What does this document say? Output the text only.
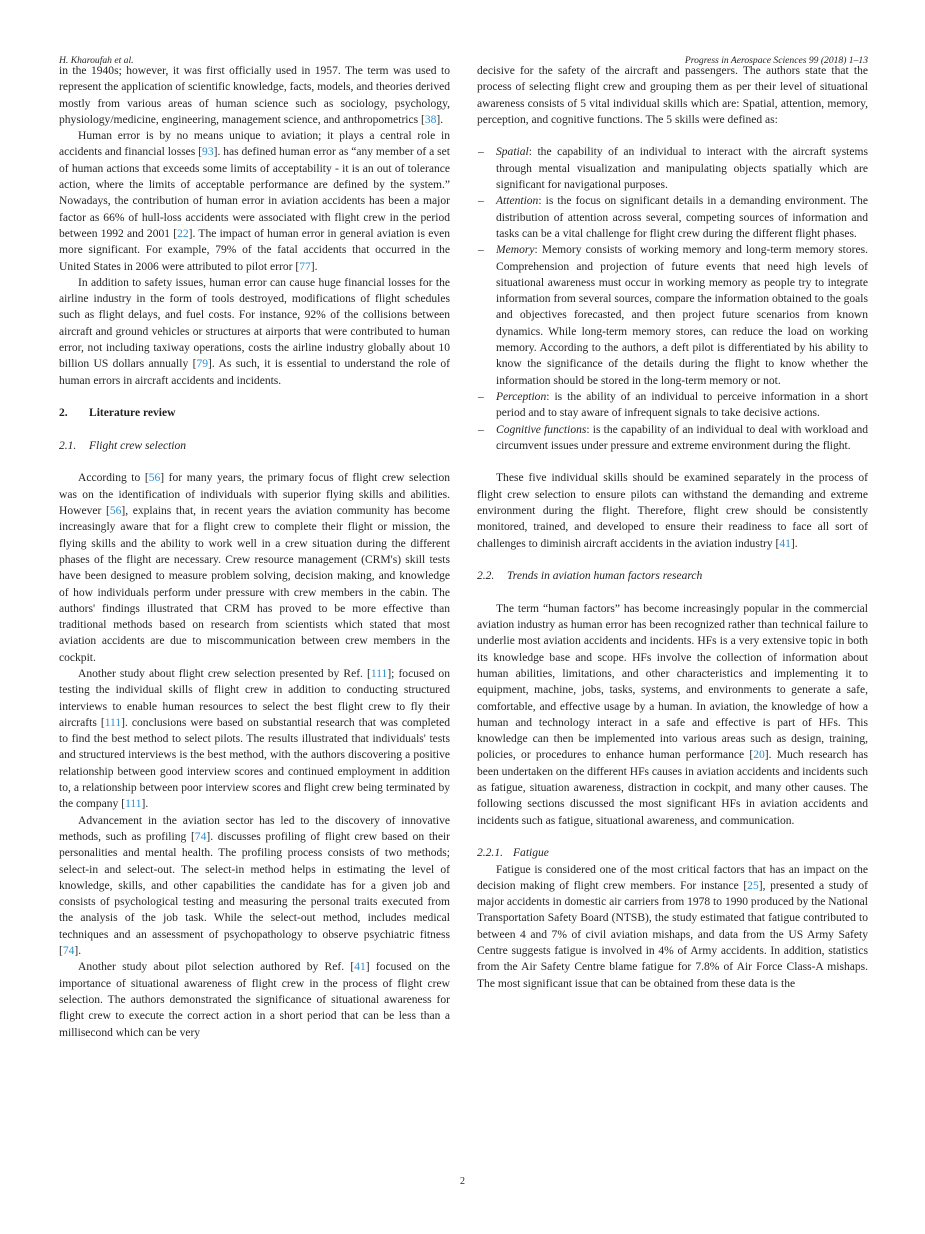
H. Kharoufah et al.	Progress in Aerospace Sciences 99 (2018) 1–13

in the 1940s; however, it was first officially used in 1957. The term was used to represent the application of scientific knowledge, facts, models, and theories derived mostly from various areas of human science such as sociology, psychology, physiology/medicine, engineering, management science, and anthropometrics [38].

Human error is by no means unique to aviation; it plays a central role in accidents and financial losses [93]. has defined human error as “any member of a set of human actions that exceeds some limits of acceptability - it is an out of tolerance action, where the limits of acceptable performance are defined by the system.” Nowadays, the contribution of human error in aviation accidents has been a major factor as 66% of hull-loss accidents were associated with flight crew in the period between 1992 and 2001 [22]. The impact of human error in general aviation is even more significant. For example, 79% of the fatal accidents that occurred in the United States in 2006 were attributed to pilot error [77].

In addition to safety issues, human error can cause huge financial losses for the airline industry in the form of tools destroyed, modifications of flight schedules such as flight delays, and fuel costs. For instance, 92% of the collisions between aircraft and ground vehicles or structures at airports that were contributed to human error, not including taxiway operations, costs the airline industry globally about 10 billion US dollars annually [79]. As such, it is essential to understand the role of human errors in aircraft accidents and incidents.

2. Literature review
2.1. Flight crew selection

According to [56] for many years, the primary focus of flight crew selection was on the identification of individuals with superior flying skills and abilities. However [56], explains that, in recent years the aviation community has become increasingly aware that for a flight crew to complete their flight or mission, the flying skills and the ability to work well in a crew situation during the different phases of the flight are necessary. Crew resource management (CRM's) skill tests have been designed to measure problem solving, decision making, and knowledge of how individuals perform under pressure with crew members in the cabin. The authors' findings illustrated that CRM has proved to be more effective than traditional methods based on research from scientists which stated that most aviation accidents are due to miscommunication between crew members in the cockpit.

Another study about flight crew selection presented by Ref. [111]; focused on testing the individual skills of flight crew in addition to conducting structured interviews to enable human resources to select the best flight crew to fly their aircrafts [111]. conclusions were based on substantial research that was completed to find the best method to select pilots. The results illustrated that individuals' tests and structured interviews is the best method, with the authors discovering a positive relationship between good interview scores and continued employment in addition to, a relationship between poor interview scores and flight crew being terminated by the company [111].

Advancement in the aviation sector has led to the discovery of innovative methods, such as profiling [74]. discusses profiling of flight crew based on their personalities and mental health. The profiling process consists of two methods; select-in and select-out. The select-in method helps in estimating the level of knowledge, skills, and other capabilities the candidate has for a given job and consists of psychological testing and measuring the personal traits executed from the analysis of the job task. While the select-out method, includes medical techniques and an assessment of psychopathology to observe psychiatric fitness [74].

Another study about pilot selection authored by Ref. [41] focused on the importance of situational awareness of flight crew in the process of flight crew selection. The authors demonstrated the significance of situational awareness for flight crew to execute the correct action in a short period that can be less than a millisecond which can be very

decisive for the safety of the aircraft and passengers. The authors state that the process of selecting flight crew and grouping them as per their level of situational awareness consists of 5 vital individual skills which are: Spatial, attention, memory, perception, and cognitive functions. The 5 skills were defined as:

– Spatial: the capability of an individual to interact with the aircraft systems through mental visualization and manipulating objects spatially which are significant for navigational purposes.
– Attention: is the focus on significant details in a demanding environment. The distribution of attention across several, competing sources of information and tasks can be a vital challenge for flight crew during the different flight phases.
– Memory: Memory consists of working memory and long-term memory stores. Comprehension and projection of future events that need high levels of situational awareness must occur in working memory as people try to integrate information from several sources, compare the information obtained to the goals and objectives forecasted, and then project future scenarios from known dynamics. While long-term memory stores, can reduce the load on working memory. According to the authors, a deft pilot is differentiated by his ability to know the significance of the details during the flight to know whether the information should be stored in the long-term memory or not.
– Perception: is the ability of an individual to perceive information in a short period and to stay aware of infrequent signals to take decisive actions.
– Cognitive functions: is the capability of an individual to deal with workload and circumvent issues under pressure and extreme environment during the flight.

These five individual skills should be examined separately in the process of flight crew selection to ensure pilots can withstand the demanding and extreme environment during the flight. Therefore, flight crew should be consistently monitored, trained, and developed to ensure their readiness to face all sort of challenges to diminish aircraft accidents in the aviation industry [41].

2.2. Trends in aviation human factors research

The term “human factors” has become increasingly popular in the commercial aviation industry as human error has been recognized rather than technical failure to underlie most aviation accidents and incidents. HFs is a very extensive topic in both its knowledge base and scope. HFs involve the collection of information about human abilities, limitations, and other characteristics and implementing it to equipment, machine, jobs, tasks, systems, and environments to generate a safe, comfortable, and effective usage by a human. In aviation, the knowledge of how a human and technology interact in a safe and effective is part of HFs. This knowledge can then be implemented into various areas such as design, training, policies, or procedures to enhance human performance [20]. Much research has been undertaken on the different HFs causes in aviation accidents and incidents such as fatigue, situation awareness, distraction in cockpit, and many other causes. The following sections discussed the most significant HFs in aviation accidents and incidents such as fatigue, situational awareness, and communication.

2.2.1. Fatigue

Fatigue is considered one of the most critical factors that has an impact on the decision making of flight crew members. For instance [25], presented a study of major accidents in domestic air carriers from 1978 to 1990 produced by the National Transportation Safety Board (NTSB), the study estimated that fatigue contributed to between 4 and 7% of civil aviation mishaps, and data from the US Army Safety Centre suggests fatigue is involved in 4% of Army accidents. In addition, statistics from the Air Safety Centre blame fatigue for 7.8% of Air Force Class-A mishaps. The most significant issue that can be obtained from these data is the

2
